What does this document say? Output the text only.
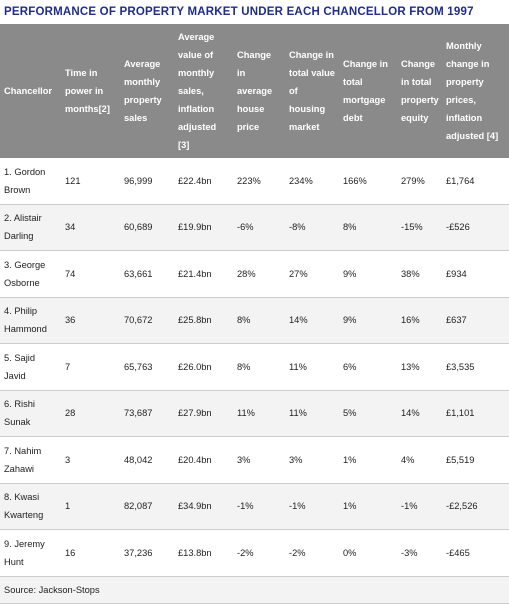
PERFORMANCE OF PROPERTY MARKET UNDER EACH CHANCELLOR FROM 1997
Chancellor	Time in power in months[2]	Average monthly property sales	Average value of monthly sales, inflation adjusted [3]	Change in average house price	Change in total value of housing market	Change in total mortgage debt	Change in total property equity	Monthly change in property prices, inflation adjusted [4]
1. Gordon Brown	121	96,999	£22.4bn	223%	234%	166%	279%	£1,764
2. Alistair Darling	34	60,689	£19.9bn	-6%	-8%	8%	-15%	-£526
3. George Osborne	74	63,661	£21.4bn	28%	27%	9%	38%	£934
4. Philip Hammond	36	70,672	£25.8bn	8%	14%	9%	16%	£637
5. Sajid Javid	7	65,763	£26.0bn	8%	11%	6%	13%	£3,535
6. Rishi Sunak	28	73,687	£27.9bn	11%	11%	5%	14%	£1,101
7. Nahim Zahawi	3	48,042	£20.4bn	3%	3%	1%	4%	£5,519
8. Kwasi Kwarteng	1	82,087	£34.9bn	-1%	-1%	1%	-1%	-£2,526
9. Jeremy Hunt	16	37,236	£13.8bn	-2%	-2%	0%	-3%	-£465
Source: Jackson-Stops
